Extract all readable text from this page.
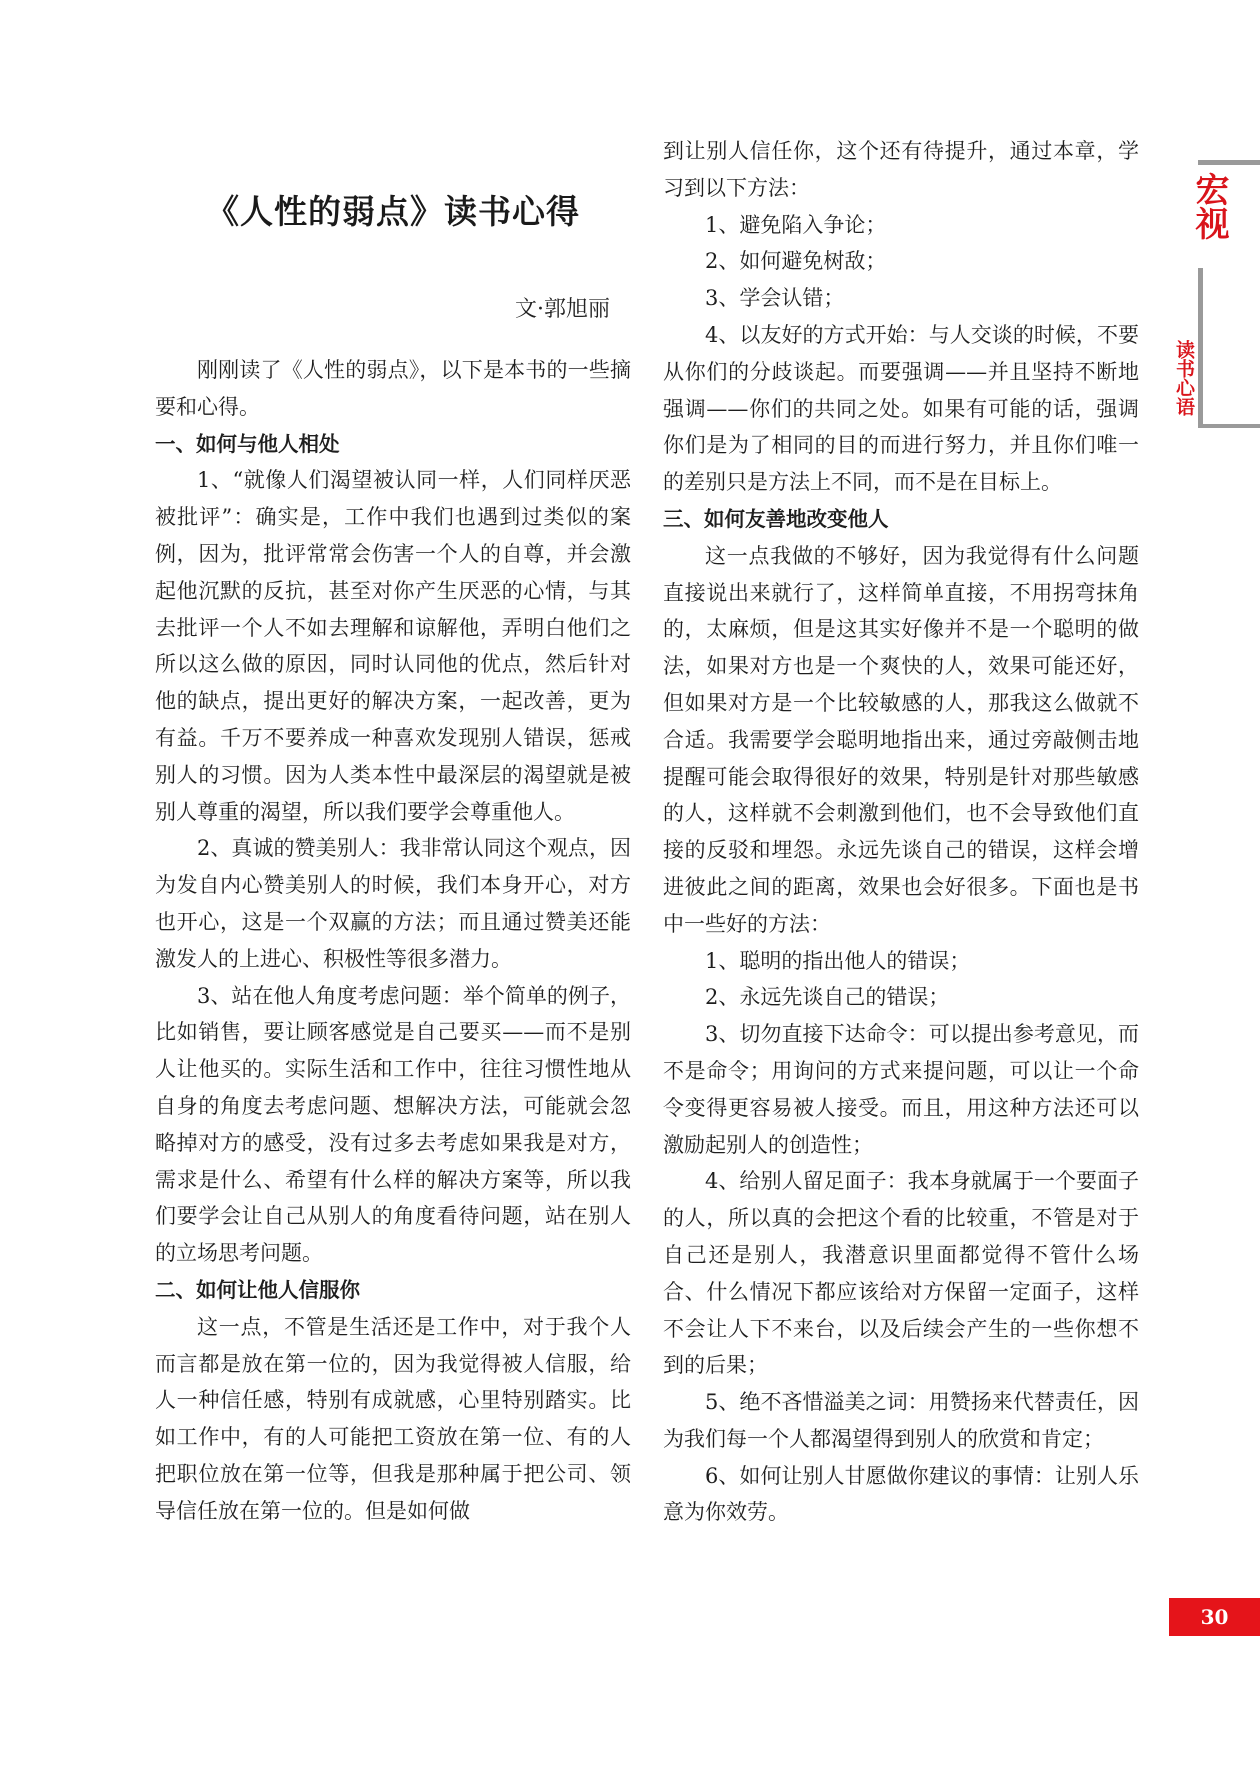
《人性的弱点》读书心得
文·郭旭丽

刚刚读了《人性的弱点》，以下是本书的一些摘要和心得。

一、如何与他人相处

1、“就像人们渴望被认同一样，人们同样厌恶被批评”：确实是，工作中我们也遇到过类似的案例，因为，批评常常会伤害一个人的自尊，并会激起他沉默的反抗，甚至对你产生厌恶的心情，与其去批评一个人不如去理解和谅解他，弄明白他们之所以这么做的原因，同时认同他的优点，然后针对他的缺点，提出更好的解决方案，一起改善，更为有益。千万不要养成一种喜欢发现别人错误，惩戒别人的习惯。因为人类本性中最深层的渴望就是被别人尊重的渴望，所以我们要学会尊重他人。

2、真诚的赞美别人：我非常认同这个观点，因为发自内心赞美别人的时候，我们本身开心，对方也开心，这是一个双赢的方法；而且通过赞美还能激发人的上进心、积极性等很多潜力。

3、站在他人角度考虑问题：举个简单的例子，比如销售，要让顾客感觉是自己要买——而不是别人让他买的。实际生活和工作中，往往习惯性地从自身的角度去考虑问题、想解决方法，可能就会忽略掉对方的感受，没有过多去考虑如果我是对方，需求是什么、希望有什么样的解决方案等，所以我们要学会让自己从别人的角度看待问题，站在别人的立场思考问题。

二、如何让他人信服你

这一点，不管是生活还是工作中，对于我个人而言都是放在第一位的，因为我觉得被人信服，给人一种信任感，特别有成就感，心里特别踏实。比如工作中，有的人可能把工资放在第一位、有的人把职位放在第一位等，但我是那种属于把公司、领导信任放在第一位的。但是如何做

到让别人信任你，这个还有待提升，通过本章，学习到以下方法：

1、避免陷入争论；

2、如何避免树敌；

3、学会认错；

4、以友好的方式开始：与人交谈的时候，不要从你们的分歧谈起。而要强调——并且坚持不断地强调——你们的共同之处。如果有可能的话，强调你们是为了相同的目的而进行努力，并且你们唯一的差别只是方法上不同，而不是在目标上。

三、如何友善地改变他人

这一点我做的不够好，因为我觉得有什么问题直接说出来就行了，这样简单直接，不用拐弯抹角的，太麻烦，但是这其实好像并不是一个聪明的做法，如果对方也是一个爽快的人，效果可能还好，但如果对方是一个比较敏感的人，那我这么做就不合适。我需要学会聪明地指出来，通过旁敲侧击地提醒可能会取得很好的效果，特别是针对那些敏感的人，这样就不会刺激到他们，也不会导致他们直接的反驳和埋怨。永远先谈自己的错误，这样会增进彼此之间的距离，效果也会好很多。下面也是书中一些好的方法：

1、聪明的指出他人的错误；

2、永远先谈自己的错误；

3、切勿直接下达命令：可以提出参考意见，而不是命令；用询问的方式来提问题，可以让一个命令变得更容易被人接受。而且，用这种方法还可以激励起别人的创造性；

4、给别人留足面子：我本身就属于一个要面子的人，所以真的会把这个看的比较重，不管是对于自己还是别人，我潜意识里面都觉得不管什么场合、什么情况下都应该给对方保留一定面子，这样不会让人下不来台，以及后续会产生的一些你想不到的后果；

5、绝不吝惜溢美之词：用赞扬来代替责任，因为我们每一个人都渴望得到别人的欣赏和肯定；

6、如何让别人甘愿做你建议的事情：让别人乐意为你效劳。

宏视
读书心语
30
